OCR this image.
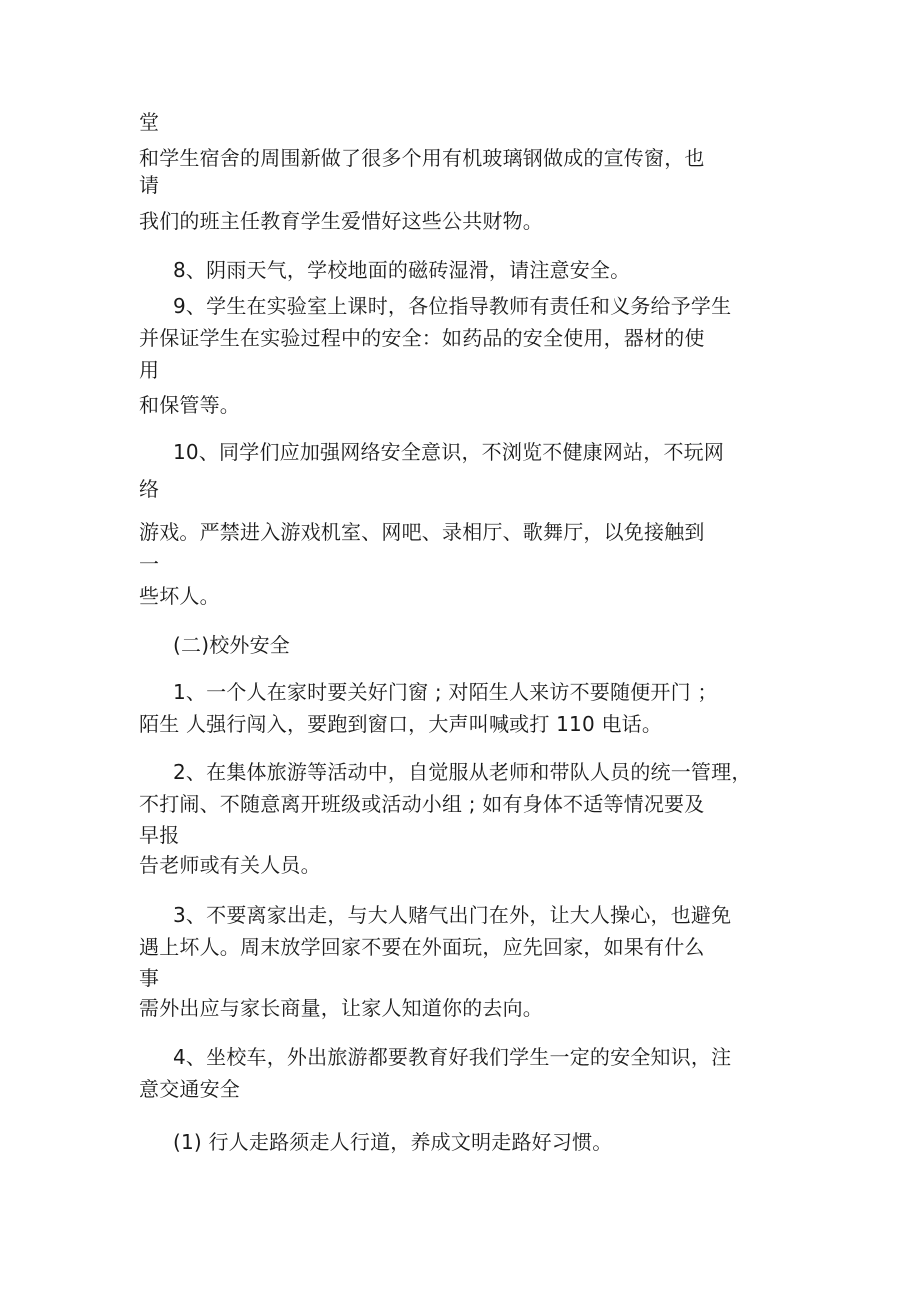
堂
和学生宿舍的周围新做了很多个用有机玻璃钢做成的宣传窗，也
请
我们的班主任教育学生爱惜好这些公共财物。
8、阴雨天气，学校地面的磁砖湿滑，请注意安全。
9、学生在实验室上课时，各位指导教师有责任和义务给予学生
并保证学生在实验过程中的安全：如药品的安全使用，器材的使
用
和保管等。
10、同学们应加强网络安全意识，不浏览不健康网站，不玩网
络
游戏。严禁进入游戏机室、网吧、录相厅、歌舞厅，以免接触到
一
些坏人。
(二)校外安全
1、一个人在家时要关好门窗 ; 对陌生人来访不要随便开门 ；
陌生 人强行闯入，要跑到窗口，大声叫喊或打 110 电话。
2、在集体旅游等活动中，自觉服从老师和带队人员的统一管理，
不打闹、不随意离开班级或活动小组 ; 如有身体不适等情况要及
早报
告老师或有关人员。
3、不要离家出走，与大人赌气出门在外，让大人操心，也避免
遇上坏人。周末放学回家不要在外面玩，应先回家，如果有什么
事
需外出应与家长商量，让家人知道你的去向。
4、坐校车，外出旅游都要教育好我们学生一定的安全知识，注
意交通安全
(1) 行人走路须走人行道，养成文明走路好习惯。
